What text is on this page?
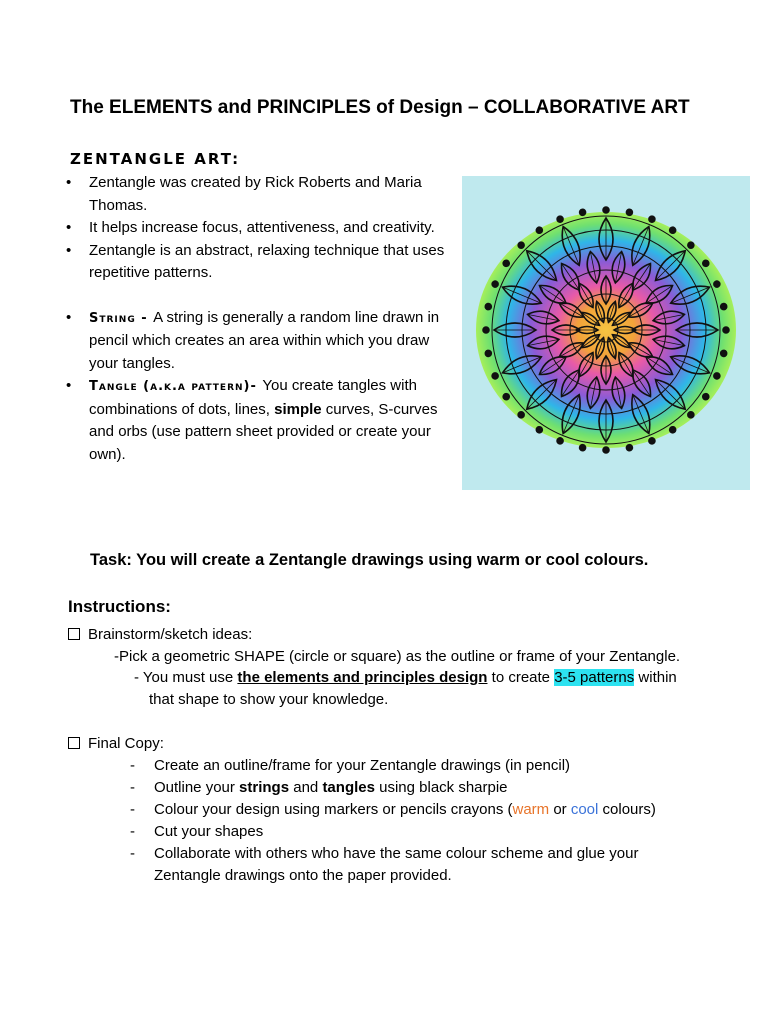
The ELEMENTS and PRINCIPLES of Design – COLLABORATIVE ART
ZENTANGLE ART:
• Zentangle was created by Rick Roberts and Maria Thomas.
• It helps increase focus, attentiveness, and creativity.
• Zentangle is an abstract, relaxing technique that uses repetitive patterns.
• String - A string is generally a random line drawn in pencil which creates an area within which you draw your tangles.
• Tangle (a.k.a pattern)- You create tangles with combinations of dots, lines, simple curves, S-curves and orbs (use pattern sheet provided or create your own).
Task: You will create a Zentangle drawings using warm or cool colours.
Instructions:
Brainstorm/sketch ideas:
-Pick a geometric SHAPE (circle or square) as the outline or frame of your Zentangle.
- You must use the elements and principles design to create 3-5 patterns within
that shape to show your knowledge.
Final Copy:
- Create an outline/frame for your Zentangle drawings (in pencil)
- Outline your strings and tangles using black sharpie
- Colour your design using markers or pencils crayons (warm or cool colours)
- Cut your shapes
- Collaborate with others who have the same colour scheme and glue your
Zentangle drawings onto the paper provided.
